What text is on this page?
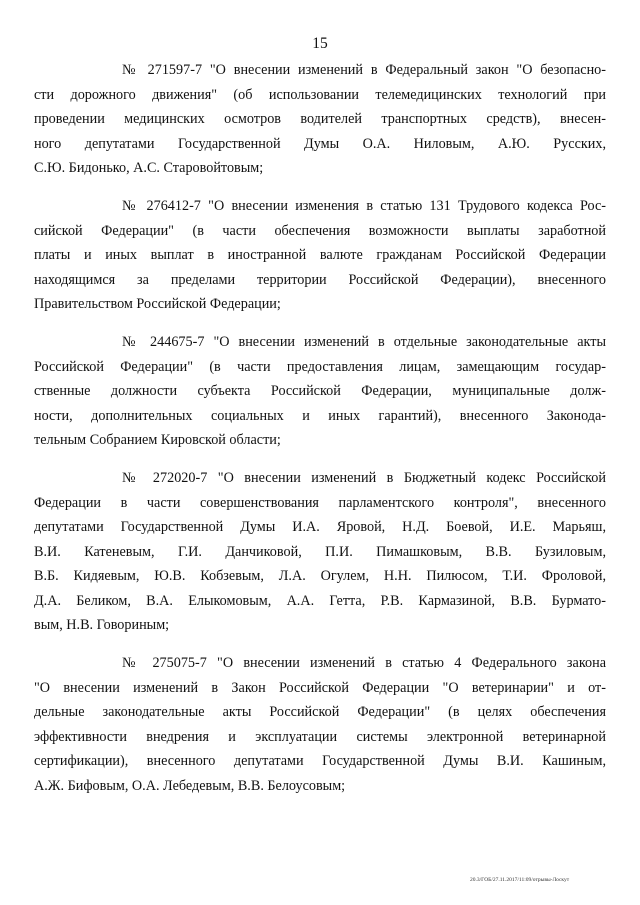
15
№ 271597-7 "О внесении изменений в Федеральный закон "О безопасно-
сти дорожного движения" (об использовании телемедицинских технологий при
проведении медицинских осмотров водителей транспортных средств), внесен-
ного депутатами Государственной Думы О.А. Ниловым, А.Ю. Русских,
С.Ю. Бидонько, А.С. Старовойтовым;
№ 276412-7 "О внесении изменения в статью 131 Трудового кодекса Рос-
сийской Федерации" (в части обеспечения возможности выплаты заработной
платы и иных выплат в иностранной валюте гражданам Российской Федерации
находящимся за пределами территории Российской Федерации), внесенного
Правительством Российской Федерации;
№ 244675-7 "О внесении изменений в отдельные законодательные акты
Российской Федерации" (в части предоставления лицам, замещающим государ-
ственные должности субъекта Российской Федерации, муниципальные долж-
ности, дополнительных социальных и иных гарантий), внесенного Законода-
тельным Собранием Кировской области;
№ 272020-7 "О внесении изменений в Бюджетный кодекс Российской
Федерации в части совершенствования парламентского контроля", внесенного
депутатами Государственной Думы И.А. Яровой, Н.Д. Боевой, И.Е. Марьяш,
В.И. Катеневым, Г.И. Данчиковой, П.И. Пимашковым, В.В. Бузиловым,
В.Б. Кидяевым, Ю.В. Кобзевым, Л.А. Огулем, Н.Н. Пилюсом, Т.И. Фроловой,
Д.А. Беликом, В.А. Елыкомовым, А.А. Гетта, Р.В. Кармазиной, В.В. Бурмато-
вым, Н.В. Говориным;
№ 275075-7 "О внесении изменений в статью 4 Федерального закона
"О внесении изменений в Закон Российской Федерации "О ветеринарии" и от-
дельные законодательные акты Российской Федерации" (в целях обеспечения
эффективности внедрения и эксплуатации системы электронной ветеринарной
сертификации), внесенного депутатами Государственной Думы В.И. Кашиным,
А.Ж. Бифовым, О.А. Лебедевым, В.В. Белоусовым;
20.3/ГОБ/27.11.2017/11:09/отрывы-Лоскут
